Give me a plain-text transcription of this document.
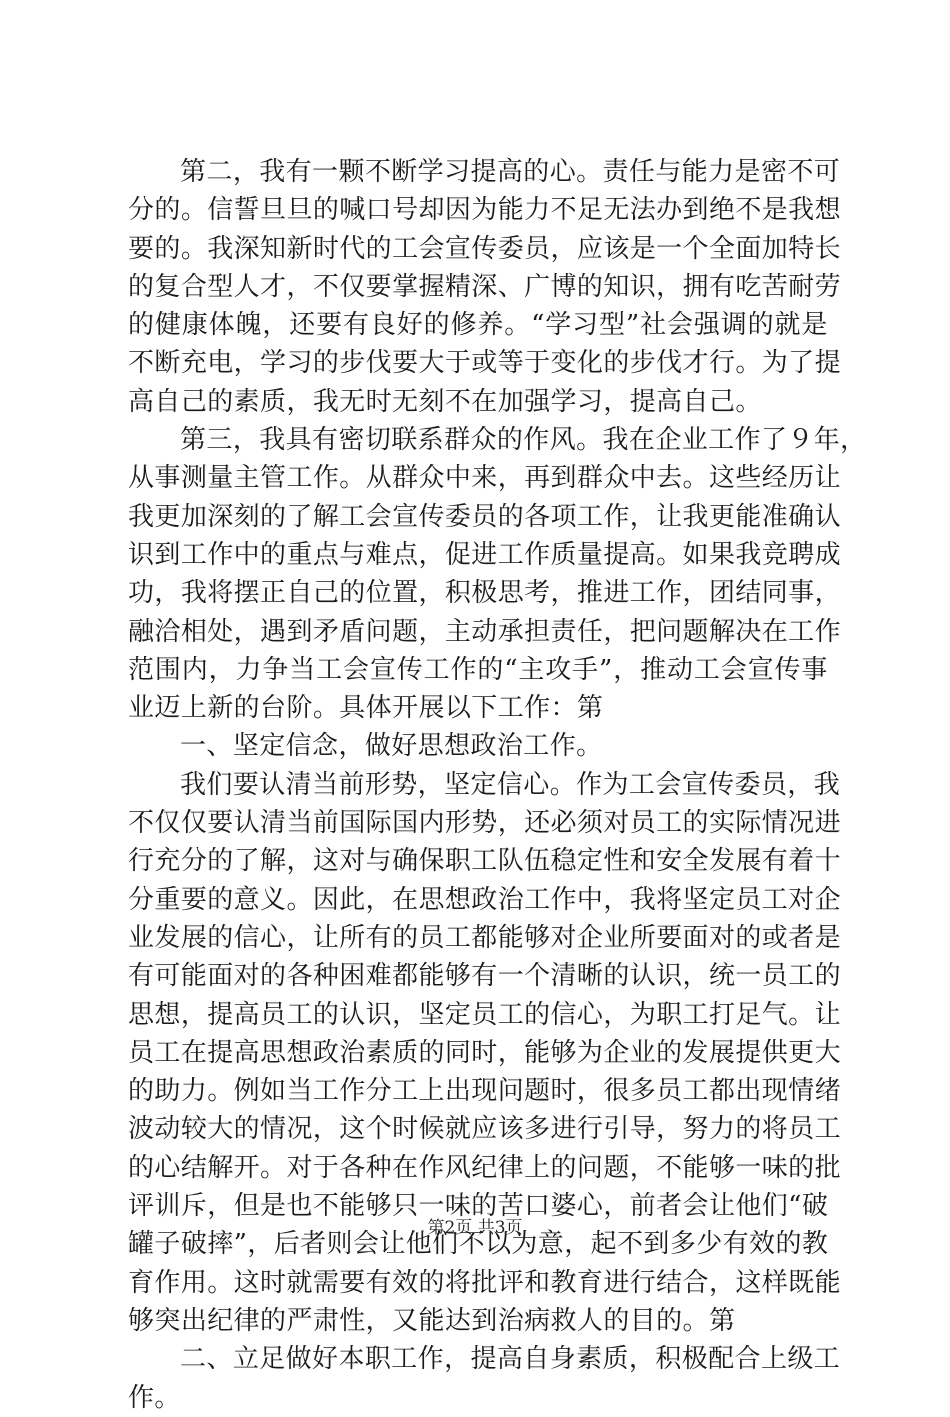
第 二 ， 我 有 一 颗 不 断 学 习 提 高 的 心 。 责 任 与 能 力 是 密 不 可
分 的 。 信 誓 旦 旦 的 喊 口 号 却 因 为 能 力 不 足 无 法 办 到 绝 不 是 我 想
要 的 。 我 深 知 新 时 代 的 工 会 宣 传 委 员 ， 应 该 是 一 个 全 面 加 特 长
的 复 合 型 人 才 ， 不 仅 要 掌 握 精 深 、 广 博 的 知 识 ， 拥 有 吃 苦 耐 劳
的 健 康 体 魄 ， 还 要 有 良 好 的 修 养 。 “ 学 习 型 ” 社 会 强 调 的 就 是
不 断 充 电 ， 学 习 的 步 伐 要 大 于 或 等 于 变 化 的 步 伐 才 行 。 为 了 提
高 自 己 的 素 质 ， 我 无 时 无 刻 不 在 加 强 学 习 ， 提 高 自 己 。
第 三 ， 我 具 有 密 切 联 系 群 众 的 作 风 。 我 在 企 业 工 作 了 ９ 年 ，
从 事 测 量 主 管 工 作 。 从 群 众 中 来 ， 再 到 群 众 中 去 。 这 些 经 历 让
我 更 加 深 刻 的 了 解 工 会 宣 传 委 员 的 各 项 工 作 ， 让 我 更 能 准 确 认
识 到 工 作 中 的 重 点 与 难 点 ， 促 进 工 作 质 量 提 高 。 如 果 我 竞 聘 成
功 ， 我 将 摆 正 自 己 的 位 置 ， 积 极 思 考 ， 推 进 工 作 ， 团 结 同 事 ，
融 洽 相 处 ， 遇 到 矛 盾 问 题 ， 主 动 承 担 责 任 ， 把 问 题 解 决 在 工 作
范 围 内 ， 力 争 当 工 会 宣 传 工 作 的 “ 主 攻 手 ” ， 推 动 工 会 宣 传 事
业 迈 上 新 的 台 阶 。 具 体 开 展 以 下 工 作 ： 第
一 、 坚 定 信 念 ， 做 好 思 想 政 治 工 作 。
我 们 要 认 清 当 前 形 势 ， 坚 定 信 心 。 作 为 工 会 宣 传 委 员 ， 我
不 仅 仅 要 认 清 当 前 国 际 国 内 形 势 ， 还 必 须 对 员 工 的 实 际 情 况 进
行 充 分 的 了 解 ， 这 对 与 确 保 职 工 队 伍 稳 定 性 和 安 全 发 展 有 着 十
分 重 要 的 意 义 。 因 此 ， 在 思 想 政 治 工 作 中 ， 我 将 坚 定 员 工 对 企
业 发 展 的 信 心 ， 让 所 有 的 员 工 都 能 够 对 企 业 所 要 面 对 的 或 者 是
有 可 能 面 对 的 各 种 困 难 都 能 够 有 一 个 清 晰 的 认 识 ， 统 一 员 工 的
思 想 ， 提 高 员 工 的 认 识 ， 坚 定 员 工 的 信 心 ， 为 职 工 打 足 气 。 让
员 工 在 提 高 思 想 政 治 素 质 的 同 时 ， 能 够 为 企 业 的 发 展 提 供 更 大
的 助 力 。 例 如 当 工 作 分 工 上 出 现 问 题 时 ， 很 多 员 工 都 出 现 情 绪
波 动 较 大 的 情 况 ， 这 个 时 候 就 应 该 多 进 行 引 导 ， 努 力 的 将 员 工
的 心 结 解 开 。 对 于 各 种 在 作 风 纪 律 上 的 问 题 ， 不 能 够 一 味 的 批
评 训 斥 ， 但 是 也 不 能 够 只 一 味 的 苦 口 婆 心 ， 前 者 会 让 他 们 “ 破
罐 子 破 摔 ” ， 后 者 则 会 让 他 们 不 以 为 意 ， 起 不 到 多 少 有 效 的 教
育 作 用 。 这 时 就 需 要 有 效 的 将 批 评 和 教 育 进 行 结 合 ， 这 样 既 能
够 突 出 纪 律 的 严 肃 性 ， 又 能 达 到 治 病 救 人 的 目 的 。 第
二 、 立 足 做 好 本 职 工 作 ， 提 高 自 身 素 质 ， 积 极 配 合 上 级 工
作 。
第2页 共3页
